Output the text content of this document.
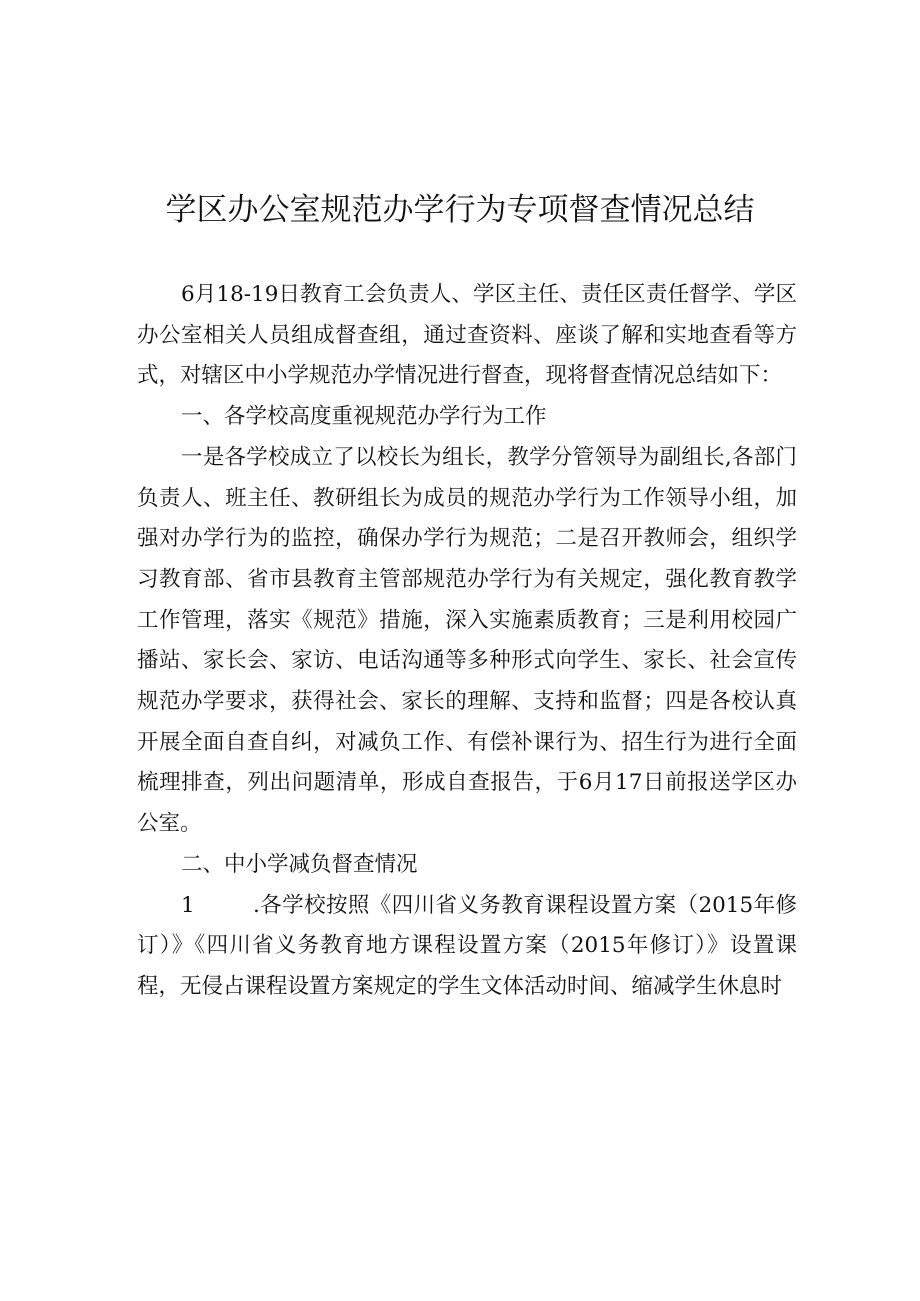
学区办公室规范办学行为专项督查情况总结

6月18-19日教育工会负责人、学区主任、责任区责任督学、学区办公室相关人员组成督查组，通过查资料、座谈了解和实地查看等方式，对辖区中小学规范办学情况进行督查，现将督查情况总结如下：

一、各学校高度重视规范办学行为工作

一是各学校成立了以校长为组长，教学分管领导为副组长,各部门负责人、班主任、教研组长为成员的规范办学行为工作领导小组，加强对办学行为的监控，确保办学行为规范；二是召开教师会，组织学习教育部、省市县教育主管部规范办学行为有关规定，强化教育教学工作管理，落实《规范》措施，深入实施素质教育；三是利用校园广播站、家长会、家访、电话沟通等多种形式向学生、家长、社会宣传规范办学要求，获得社会、家长的理解、支持和监督；四是各校认真开展全面自查自纠，对减负工作、有偿补课行为、招生行为进行全面梳理排查，列出问题清单，形成自查报告，于6月17日前报送学区办公室。

二、中小学减负督查情况

1	.各学校按照《四川省义务教育课程设置方案（2015年修订）》《四川省义务教育地方课程设置方案（2015年修订）》设置课程，无侵占课程设置方案规定的学生文体活动时间、缩减学生休息时
